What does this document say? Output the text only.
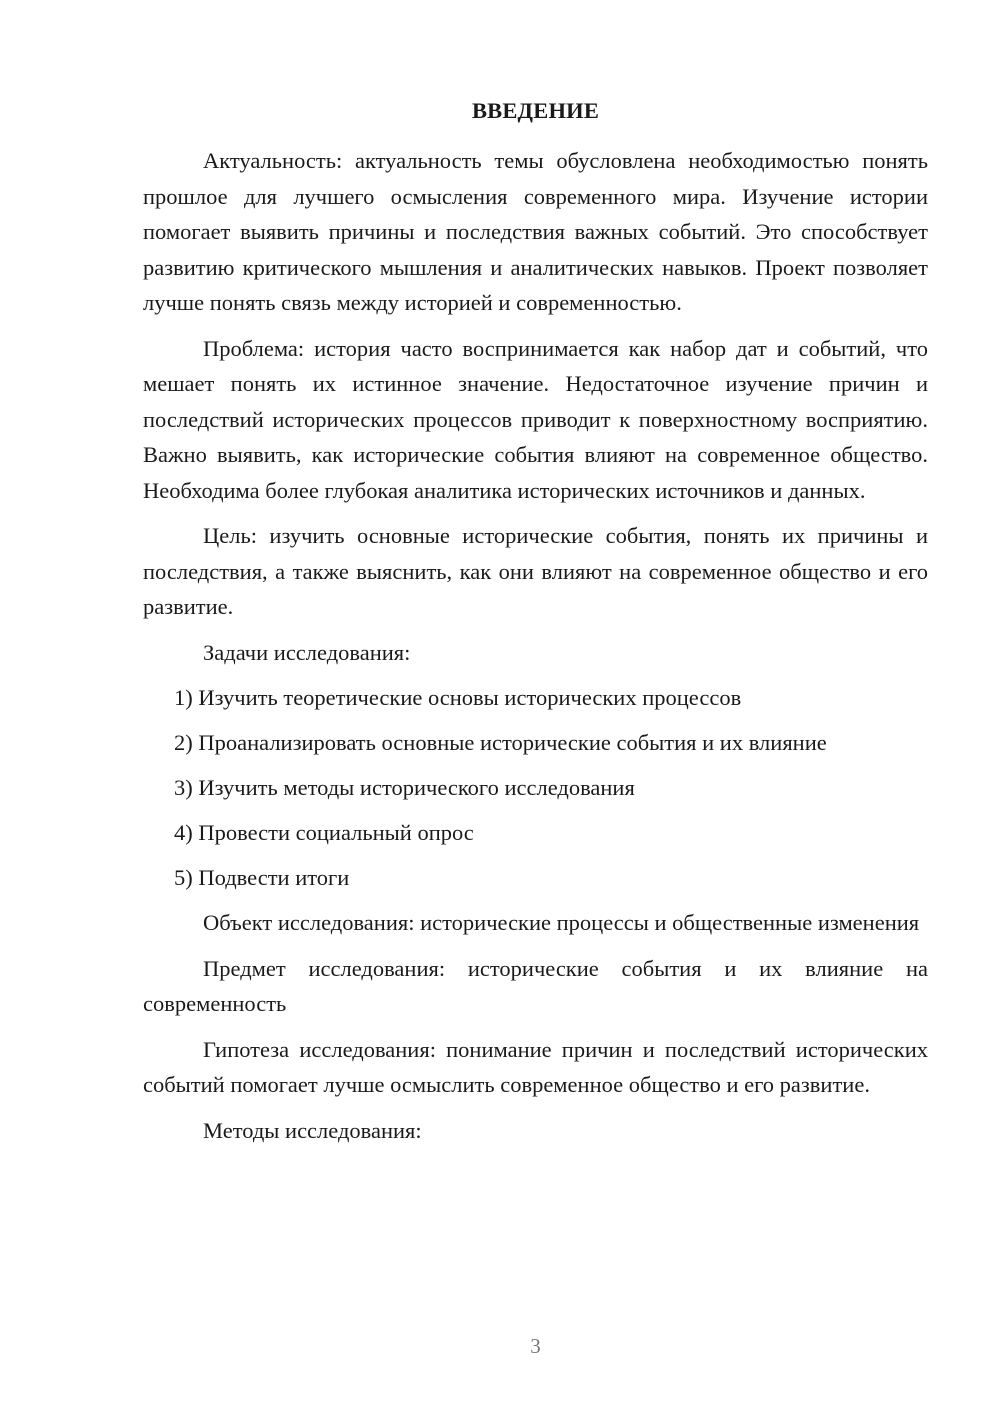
ВВЕДЕНИЕ

Актуальность: актуальность темы обусловлена необходимостью понять прошлое для лучшего осмысления современного мира. Изучение истории помогает выявить причины и последствия важных событий. Это способствует развитию критического мышления и аналитических навыков. Проект позволяет лучше понять связь между историей и современностью.

Проблема: история часто воспринимается как набор дат и событий, что мешает понять их истинное значение. Недостаточное изучение причин и последствий исторических процессов приводит к поверхностному восприятию. Важно выявить, как исторические события влияют на современное общество. Необходима более глубокая аналитика исторических источников и данных.

Цель: изучить основные исторические события, понять их причины и последствия, а также выяснить, как они влияют на современное общество и его развитие.

Задачи исследования:

1) Изучить теоретические основы исторических процессов

2) Проанализировать основные исторические события и их влияние

3) Изучить методы исторического исследования

4) Провести социальный опрос

5) Подвести итоги

Объект исследования: исторические процессы и общественные изменения

Предмет исследования: исторические события и их влияние на современность

Гипотеза исследования: понимание причин и последствий исторических событий помогает лучше осмыслить современное общество и его развитие.

Методы исследования:

3
